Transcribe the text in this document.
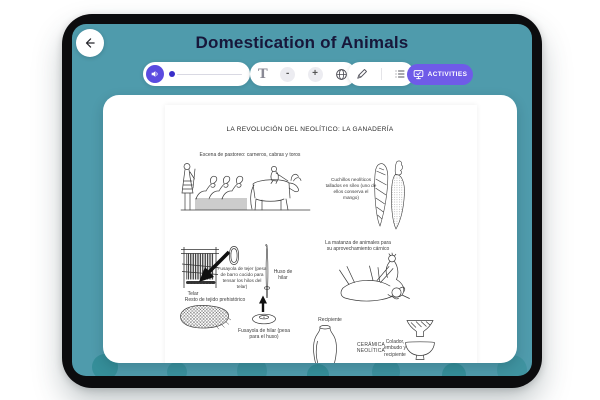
Domestication of Animals
T	-	+	ACTIVITIES
LA REVOLUCIÓN DEL NEOLÍTICO: LA GANADERÍA
Escena de pastoreo: carneros, cabras y toros
Cuchillos neolíticos tallados en sílex (uno de ellos conserva el mango)
Telar
Fusayola de tejer (pesa de barro cocido para tensar los hilos del telar)
Huso de hilar
Resto de tejido prehistórico
Fusayola de hilar (pesa para el huso)
La matanza de animales para su aprovechamiento cárnico
Recipiente
CERÁMICA NEOLÍTICA
Colador, embudo y recipiente
